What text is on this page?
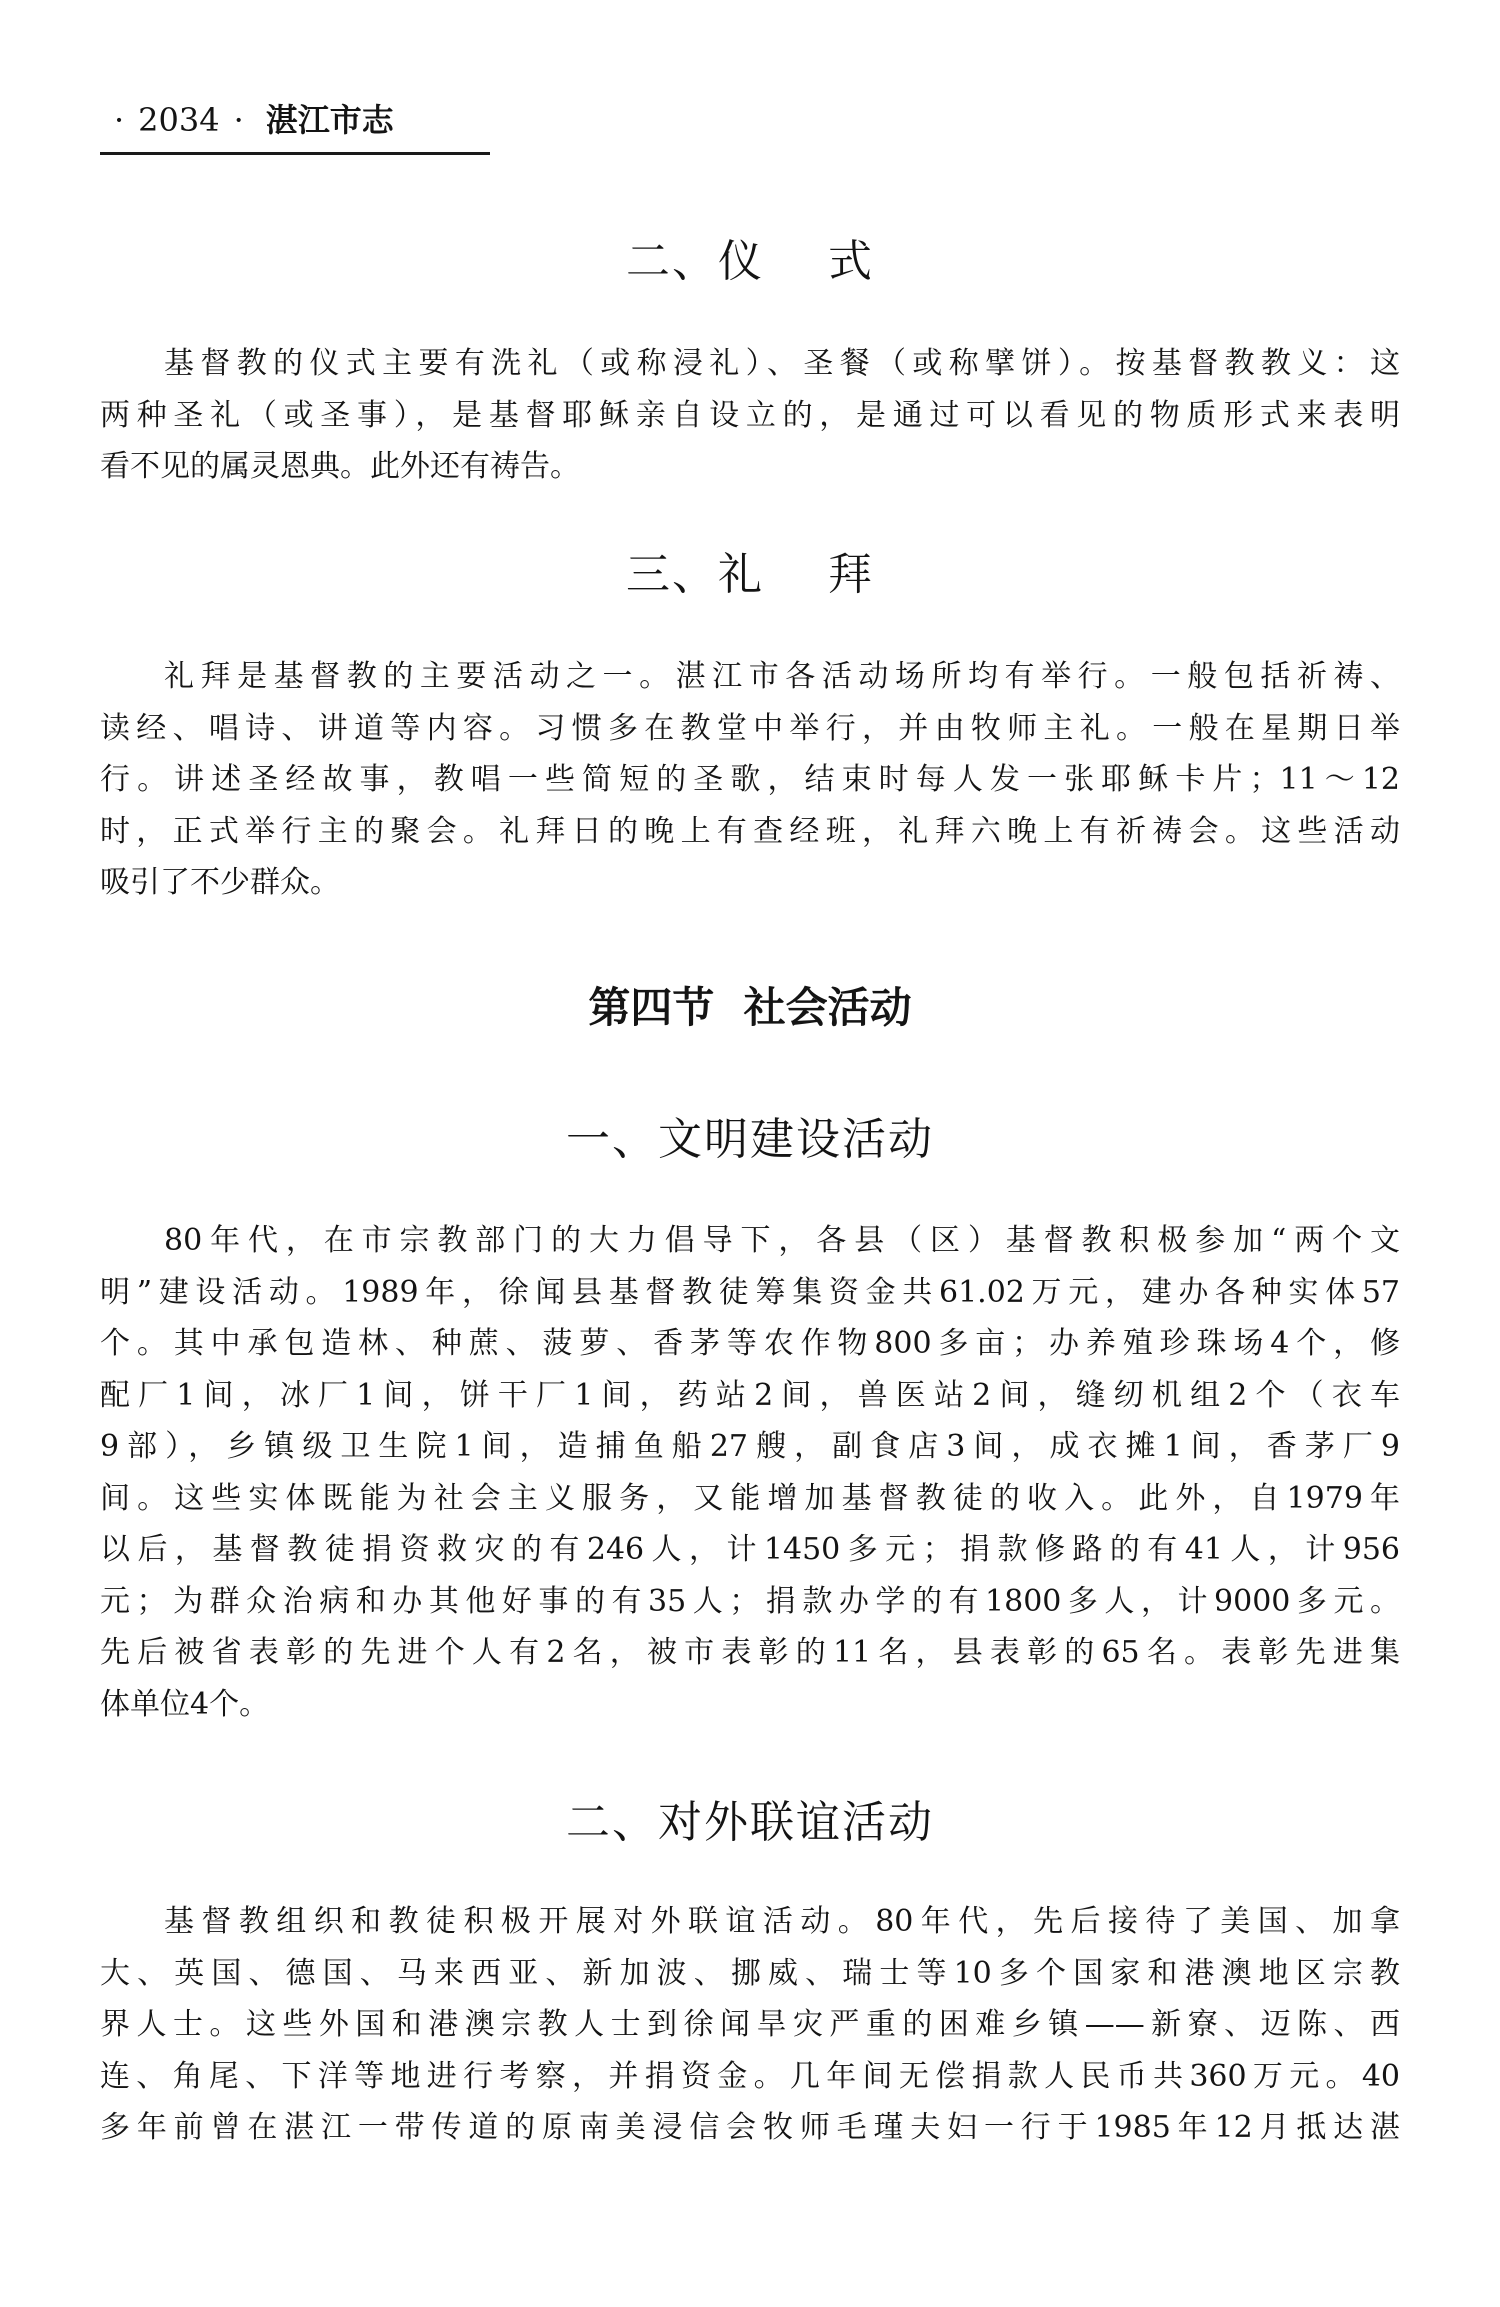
· 2034 · 湛江市志
二、仪    式

基督教的仪式主要有洗礼（或称浸礼）、圣餐（或称擘饼）。按基督教教义：这
两种圣礼（或圣事），是基督耶稣亲自设立的，是通过可以看见的物质形式来表明
看不见的属灵恩典。此外还有祷告。

三、礼    拜

礼拜是基督教的主要活动之一。湛江市各活动场所均有举行。一般包括祈祷、
读经、唱诗、讲道等内容。习惯多在教堂中举行，并由牧师主礼。一般在星期日举
行。讲述圣经故事，教唱一些简短的圣歌，结束时每人发一张耶稣卡片；11～12
时，正式举行主的聚会。礼拜日的晚上有查经班，礼拜六晚上有祈祷会。这些活动
吸引了不少群众。

第四节  社会活动
一、文明建设活动

80年代，在市宗教部门的大力倡导下，各县（区）基督教积极参加“两个文
明”建设活动。1989年，徐闻县基督教徒筹集资金共61.02万元，建办各种实体57
个。其中承包造林、种蔗、菠萝、香茅等农作物800多亩；办养殖珍珠场4个，修
配厂1间，冰厂1间，饼干厂1间，药站2间，兽医站2间，缝纫机组2个（衣车
9部），乡镇级卫生院1间，造捕鱼船27艘，副食店3间，成衣摊1间，香茅厂9
间。这些实体既能为社会主义服务，又能增加基督教徒的收入。此外，自1979年
以后，基督教徒捐资救灾的有246人，计1450多元；捐款修路的有41人，计956
元；为群众治病和办其他好事的有35人；捐款办学的有1800多人，计9000多元。
先后被省表彰的先进个人有2名，被市表彰的11名，县表彰的65名。表彰先进集
体单位4个。

二、对外联谊活动

基督教组织和教徒积极开展对外联谊活动。80年代，先后接待了美国、加拿
大、英国、德国、马来西亚、新加波、挪威、瑞士等10多个国家和港澳地区宗教
界人士。这些外国和港澳宗教人士到徐闻旱灾严重的困难乡镇——新寮、迈陈、西
连、角尾、下洋等地进行考察，并捐资金。几年间无偿捐款人民币共360万元。40
多年前曾在湛江一带传道的原南美浸信会牧师毛瑾夫妇一行于1985年12月抵达湛
